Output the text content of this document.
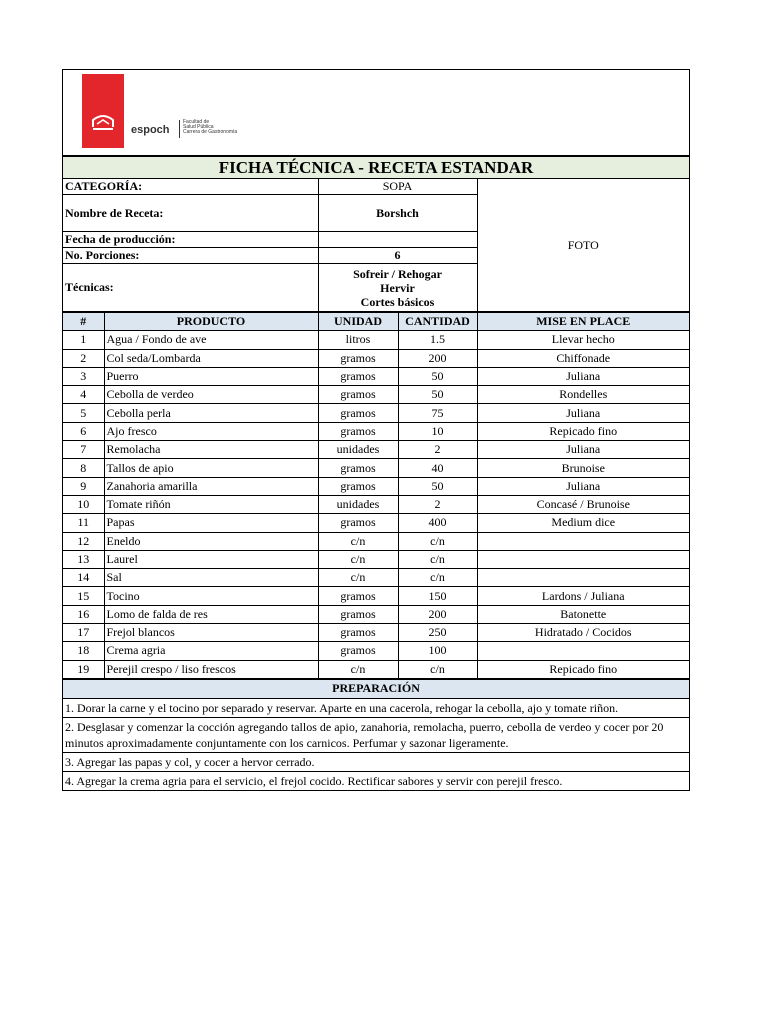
espoch
Facultad de
Salud Pública
Carrera de Gastronomía
FICHA TÉCNICA - RECETA ESTANDAR		
CATEGORÍA:	SOPA	FOTO
Nombre de Receta:	Borshch	
Fecha de producción:		
No. Porciones:	6	
Técnicas:	Sofreir / Rehogar
Hervir
Cortes básicos	
#	PRODUCTO	UNIDAD	CANTIDAD	MISE EN PLACE
1	Agua / Fondo de ave	litros	1.5	Llevar hecho
2	Col seda/Lombarda	gramos	200	Chiffonade
3	Puerro	gramos	50	Juliana
4	Cebolla de verdeo	gramos	50	Rondelles
5	Cebolla perla	gramos	75	Juliana
6	Ajo fresco	gramos	10	Repicado fino
7	Remolacha	unidades	2	Juliana
8	Tallos de apio	gramos	40	Brunoise
9	Zanahoria amarilla	gramos	50	Juliana
10	Tomate riñón	unidades	2	Concasé / Brunoise
11	Papas	gramos	400	Medium dice
12	Eneldo	c/n	c/n	
13	Laurel	c/n	c/n	
14	Sal	c/n	c/n	
15	Tocino	gramos	150	Lardons / Juliana
16	Lomo de falda de res	gramos	200	Batonette
17	Frejol blancos	gramos	250	Hidratado / Cocidos
18	Crema agria	gramos	100	
19	Perejil crespo / liso frescos	c/n	c/n	Repicado fino
PREPARACIÓN
1. Dorar la carne y el tocino por separado y reservar. Aparte en una cacerola, rehogar la cebolla, ajo y tomate riñon.
2. Desglasar y comenzar la cocción agregando tallos de apio, zanahoria, remolacha, puerro, cebolla de verdeo y cocer por 20 minutos aproximadamente conjuntamente con los carnicos. Perfumar y sazonar ligeramente.
3. Agregar las papas y col, y cocer a hervor cerrado.
4. Agregar la crema agria para el servicio, el frejol cocido. Rectificar sabores y servir con perejil fresco.
